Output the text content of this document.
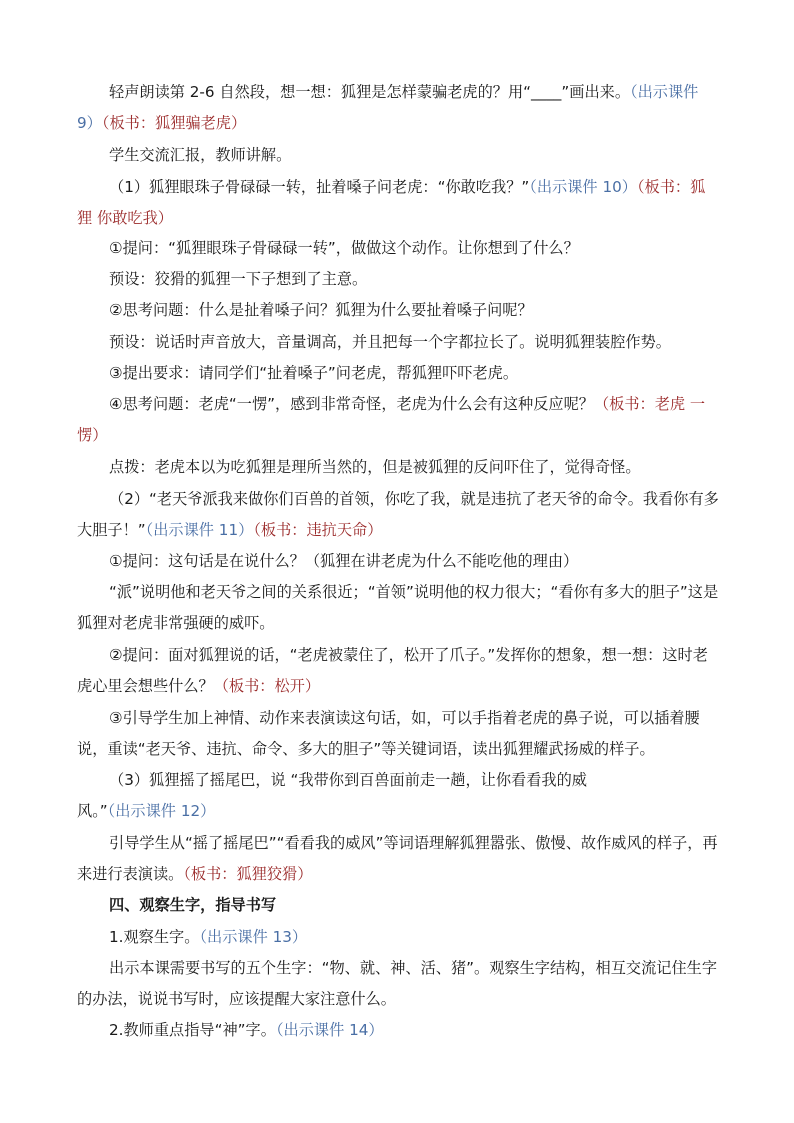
轻声朗读第 2-6 自然段，想一想：狐狸是怎样蒙骗老虎的？用“____”画出来。（出示课件 9）（板书：狐狸骗老虎）

学生交流汇报，教师讲解。

（1）狐狸眼珠子骨碌碌一转，扯着嗓子问老虎：“你敢吃我？”（出示课件 10）（板书：狐狸 你敢吃我）

①提问：“狐狸眼珠子骨碌碌一转”，做做这个动作。让你想到了什么？

预设：狡猾的狐狸一下子想到了主意。

②思考问题：什么是扯着嗓子问？狐狸为什么要扯着嗓子问呢？

预设：说话时声音放大，音量调高，并且把每一个字都拉长了。说明狐狸装腔作势。

③提出要求：请同学们“扯着嗓子”问老虎，帮狐狸吓吓老虎。

④思考问题：老虎“一愣”，感到非常奇怪，老虎为什么会有这种反应呢？（板书：老虎 一愣）

点拨：老虎本以为吃狐狸是理所当然的，但是被狐狸的反问吓住了，觉得奇怪。

（2）“老天爷派我来做你们百兽的首领，你吃了我，就是违抗了老天爷的命令。我看你有多大胆子！”（出示课件 11）（板书：违抗天命）

①提问：这句话是在说什么？（狐狸在讲老虎为什么不能吃他的理由）

“派”说明他和老天爷之间的关系很近；“首领”说明他的权力很大；“看你有多大的胆子”这是狐狸对老虎非常强硬的威吓。

②提问：面对狐狸说的话，“老虎被蒙住了，松开了爪子。”发挥你的想象，想一想：这时老虎心里会想些什么？（板书：松开）

③引导学生加上神情、动作来表演读这句话，如，可以手指着老虎的鼻子说，可以插着腰说，重读“老天爷、违抗、命令、多大的胆子”等关键词语，读出狐狸耀武扬威的样子。

（3）狐狸摇了摇尾巴，说 “我带你到百兽面前走一趟，让你看看我的威风。”（出示课件 12）

引导学生从“摇了摇尾巴”“看看我的威风”等词语理解狐狸嚣张、傲慢、故作威风的样子，再来进行表演读。（板书：狐狸狡猾）

四、观察生字，指导书写

1.观察生字。（出示课件 13）

出示本课需要书写的五个生字：“物、就、神、活、猪”。观察生字结构，相互交流记住生字的办法，说说书写时，应该提醒大家注意什么。

2.教师重点指导“神”字。（出示课件 14）
